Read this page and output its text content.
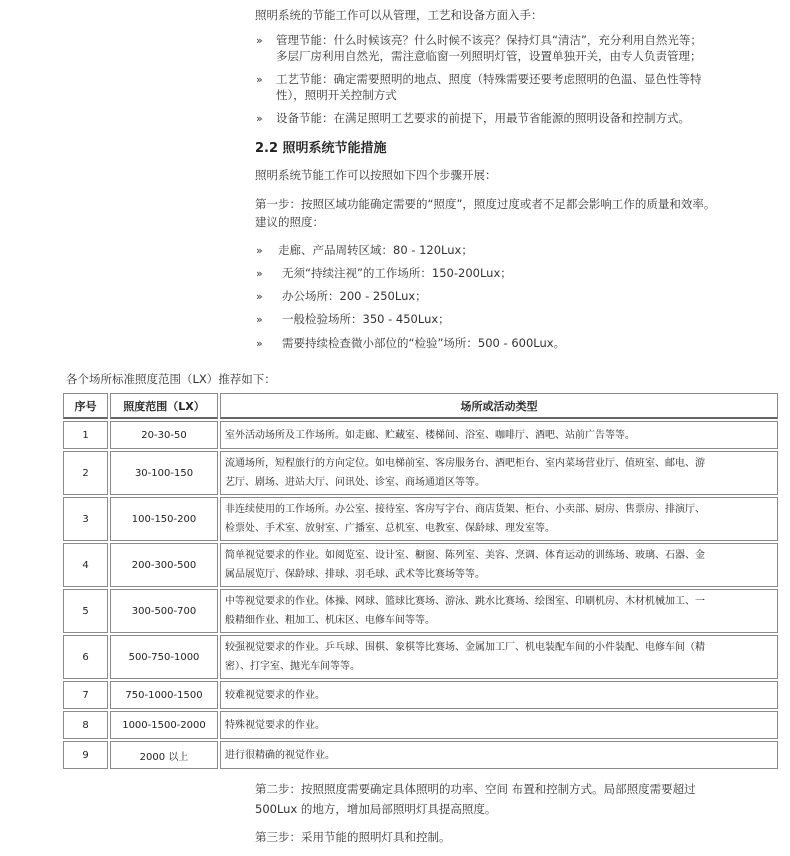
照明系统的节能工作可以从管理，工艺和设备方面入手：
» 管理节能：什么时候该亮？什么时候不该亮？保持灯具“清洁”，充分利用自然光等；
多层厂房利用自然光，需注意临窗一列照明灯管，设置单独开关，由专人负责管理；
» 工艺节能：确定需要照明的地点、照度（特殊需要还要考虑照明的色温、显色性等特
性），照明开关控制方式
» 设备节能：在满足照明工艺要求的前提下，用最节省能源的照明设备和控制方式。
2.2 照明系统节能措施
照明系统节能工作可以按照如下四个步骤开展：
第一步：按照区域功能确定需要的“照度”，照度过度或者不足都会影响工作的质量和效率。
建议的照度：
» 走廊、产品周转区域：80 - 120Lux；
» 无须“持续注视”的工作场所：150-200Lux；
» 办公场所：200 - 250Lux；
» 一般检验场所：350 - 450Lux；
» 需要持续检查微小部位的“检验”场所：500 - 600Lux。
各个场所标准照度范围（LX）推荐如下：
序号	照度范围（LX）	场所或活动类型
1	20-30-50	室外活动场所及工作场所。如走廊、贮藏室、楼梯间、浴室、咖啡厅、酒吧、站前广告等等。
2	30-100-150	流通场所，短程旅行的方向定位。如电梯前室、客房服务台、酒吧柜台、室内菜场营业厅、值班室、邮电、游
艺厅、剧场、进站大厅、问讯处、诊室、商场通道区等等。
3	100-150-200	非连续使用的工作场所。办公室、接待室、客房写字台、商店货架、柜台、小卖部、厨房、售票房、排演厅、
检票处、手术室、放射室、广播室、总机室、电教室、保龄球、理发室等。
4	200-300-500	简单视觉要求的作业。如阅览室、设计室、橱窗、陈列室、美容、烹调、体育运动的训练场、玻璃、石器、金
属品展览厅、保龄球、排球、羽毛球、武术等比赛场等等。
5	300-500-700	中等视觉要求的作业。体操、网球、篮球比赛场、游泳、跳水比赛场、绘图室、印刷机房、木材机械加工、一
般精细作业、粗加工、机床区、电修车间等等。
6	500-750-1000	较强视觉要求的作业。乒乓球、围棋、象棋等比赛场、金属加工厂、机电装配车间的小件装配、电修车间（精
密）、打字室、抛光车间等等。
7	750-1000-1500	较难视觉要求的作业。
8	1000-1500-2000	特殊视觉要求的作业。
9	2000 以上	进行很精确的视觉作业。
第二步：按照照度需要确定具体照明的功率、空间 布置和控制方式。局部照度需要超过
500Lux 的地方，增加局部照明灯具提高照度。
第三步：采用节能的照明灯具和控制。
